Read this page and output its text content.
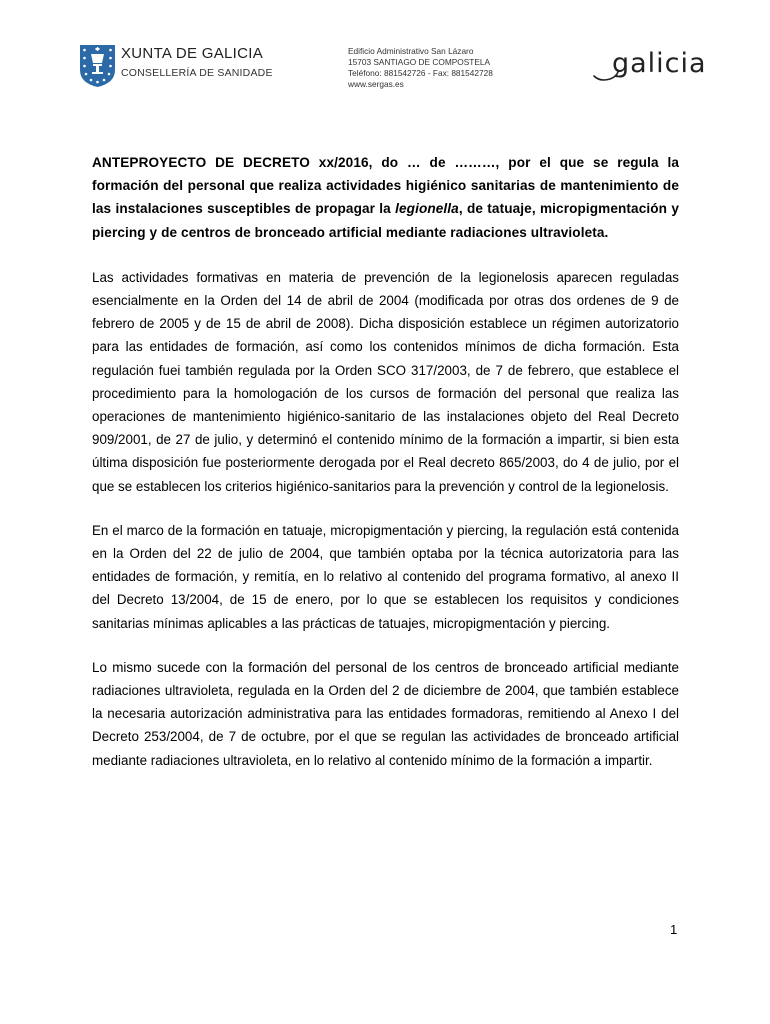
XUNTA DE GALICIA
CONSELLERÍA DE SANIDADE
Edificio Administrativo San Lázaro
15703 SANTIAGO DE COMPOSTELA
Teléfono: 881542726 - Fax: 881542728
www.sergas.es
galicia

ANTEPROYECTO DE DECRETO xx/2016, do … de ………, por el que se regula la formación del personal que realiza actividades higiénico sanitarias de mantenimiento de las instalaciones susceptibles de propagar la legionella, de tatuaje, micropigmentación y piercing y de centros de bronceado artificial mediante radiaciones ultravioleta.

Las actividades formativas en materia de prevención de la legionelosis aparecen reguladas esencialmente en la Orden del 14 de abril de 2004 (modificada por otras dos ordenes de 9 de febrero de 2005 y de 15 de abril de 2008). Dicha disposición establece un régimen autorizatorio para las entidades de formación, así como los contenidos mínimos de dicha formación. Esta regulación fuei también regulada por la Orden SCO 317/2003, de 7 de febrero, que establece el procedimiento para la homologación de los cursos de formación del personal que realiza las operaciones de mantenimiento higiénico-sanitario de las instalaciones objeto del Real Decreto 909/2001, de 27 de julio, y determinó el contenido mínimo de la formación a impartir, si bien esta última disposición fue posteriormente derogada por el Real decreto 865/2003, do 4 de julio, por el que se establecen los criterios higiénico-sanitarios para la prevención y control de la legionelosis.

En el marco de la formación en tatuaje, micropigmentación y piercing, la regulación está contenida en la Orden del 22 de julio de 2004, que también optaba por la técnica autorizatoria para las entidades de formación, y remitía, en lo relativo al contenido del programa formativo, al anexo II del Decreto 13/2004, de 15 de enero, por lo que se establecen los requisitos y condiciones sanitarias mínimas aplicables a las prácticas de tatuajes, micropigmentación y piercing.

Lo mismo sucede con la formación del personal de los centros de bronceado artificial mediante radiaciones ultravioleta, regulada en la Orden del 2 de diciembre de 2004, que también establece la necesaria autorización administrativa para las entidades formadoras, remitiendo al Anexo I del Decreto 253/2004, de 7 de octubre, por el que se regulan las actividades de bronceado artificial mediante radiaciones ultravioleta, en lo relativo al contenido mínimo de la formación a impartir.

1
